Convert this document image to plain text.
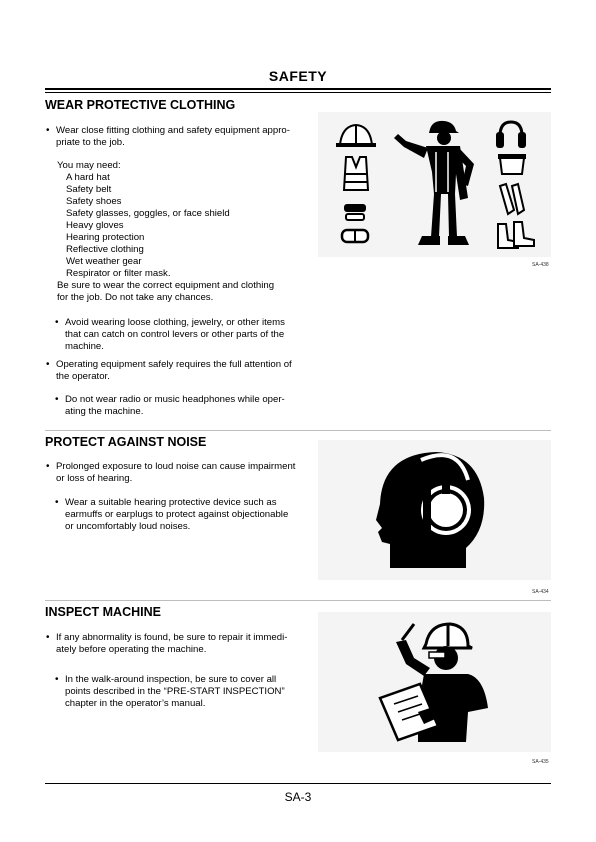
SAFETY
WEAR PROTECTIVE CLOTHING
• Wear close fitting clothing and safety equipment appro-
priate to the job.
You may need:
A hard hat
Safety belt
Safety shoes
Safety glasses, goggles, or face shield
Heavy gloves
Hearing protection
Reflective clothing
Wet weather gear
Respirator or filter mask.
Be sure to wear the correct equipment and clothing
for the job. Do not take any chances.
• Avoid wearing loose clothing, jewelry, or other items
that can catch on control levers or other parts of the
machine.
• Operating equipment safely requires the full attention of
the operator.
• Do not wear radio or music headphones while oper-
ating the machine.
SA-438
PROTECT AGAINST NOISE
• Prolonged exposure to loud noise can cause impairment
or loss of hearing.
• Wear a suitable hearing protective device such as
earmuffs or earplugs to protect against objectionable
or uncomfortably loud noises.
SA-434
INSPECT MACHINE
• If any abnormality is found, be sure to repair it immedi-
ately before operating the machine.
• In the walk-around inspection, be sure to cover all
points described in the “PRE-START INSPECTION”
chapter in the operator’s manual.
SA-435
SA-3
